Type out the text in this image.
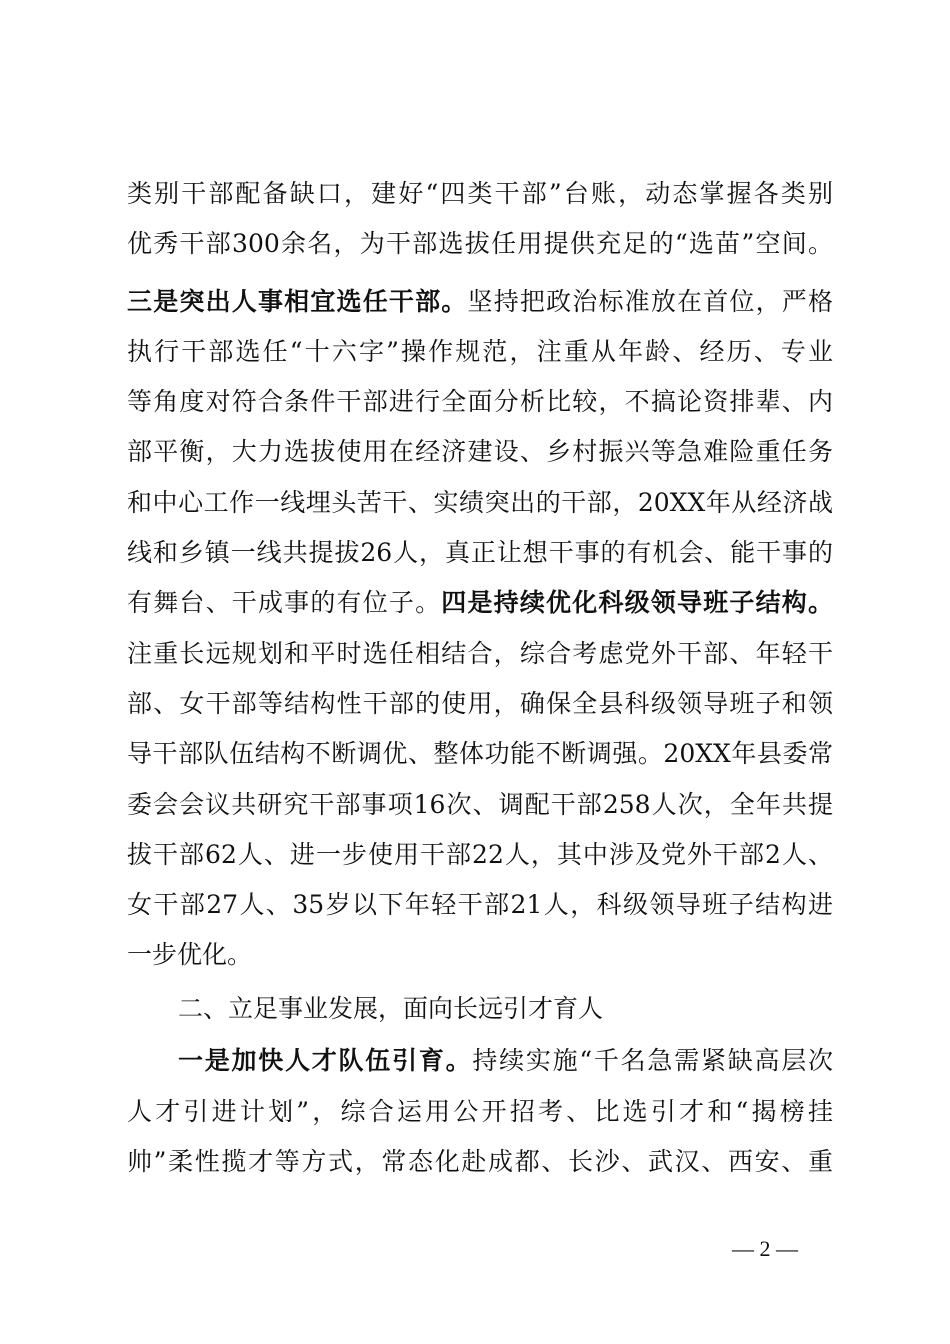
类别干部配备缺口，建好“四类干部”台账，动态掌握各类别
优秀干部300余名，为干部选拔任用提供充足的“选苗”空间。
三是突出人事相宜选任干部。坚持把政治标准放在首位，严格
执行干部选任“十六字”操作规范，注重从年龄、经历、专业
等角度对符合条件干部进行全面分析比较，不搞论资排辈、内
部平衡，大力选拔使用在经济建设、乡村振兴等急难险重任务
和中心工作一线埋头苦干、实绩突出的干部，20XX年从经济战
线和乡镇一线共提拔26人，真正让想干事的有机会、能干事的
有舞台、干成事的有位子。四是持续优化科级领导班子结构。
注重长远规划和平时选任相结合，综合考虑党外干部、年轻干
部、女干部等结构性干部的使用，确保全县科级领导班子和领
导干部队伍结构不断调优、整体功能不断调强。20XX年县委常
委会会议共研究干部事项16次、调配干部258人次，全年共提
拔干部62人、进一步使用干部22人，其中涉及党外干部2人、
女干部27人、35岁以下年轻干部21人，科级领导班子结构进
一步优化。
二、立足事业发展，面向长远引才育人
一是加快人才队伍引育。持续实施“千名急需紧缺高层次
人才引进计划”，综合运用公开招考、比选引才和“揭榜挂
帅”柔性揽才等方式，常态化赴成都、长沙、武汉、西安、重
— 2 —
